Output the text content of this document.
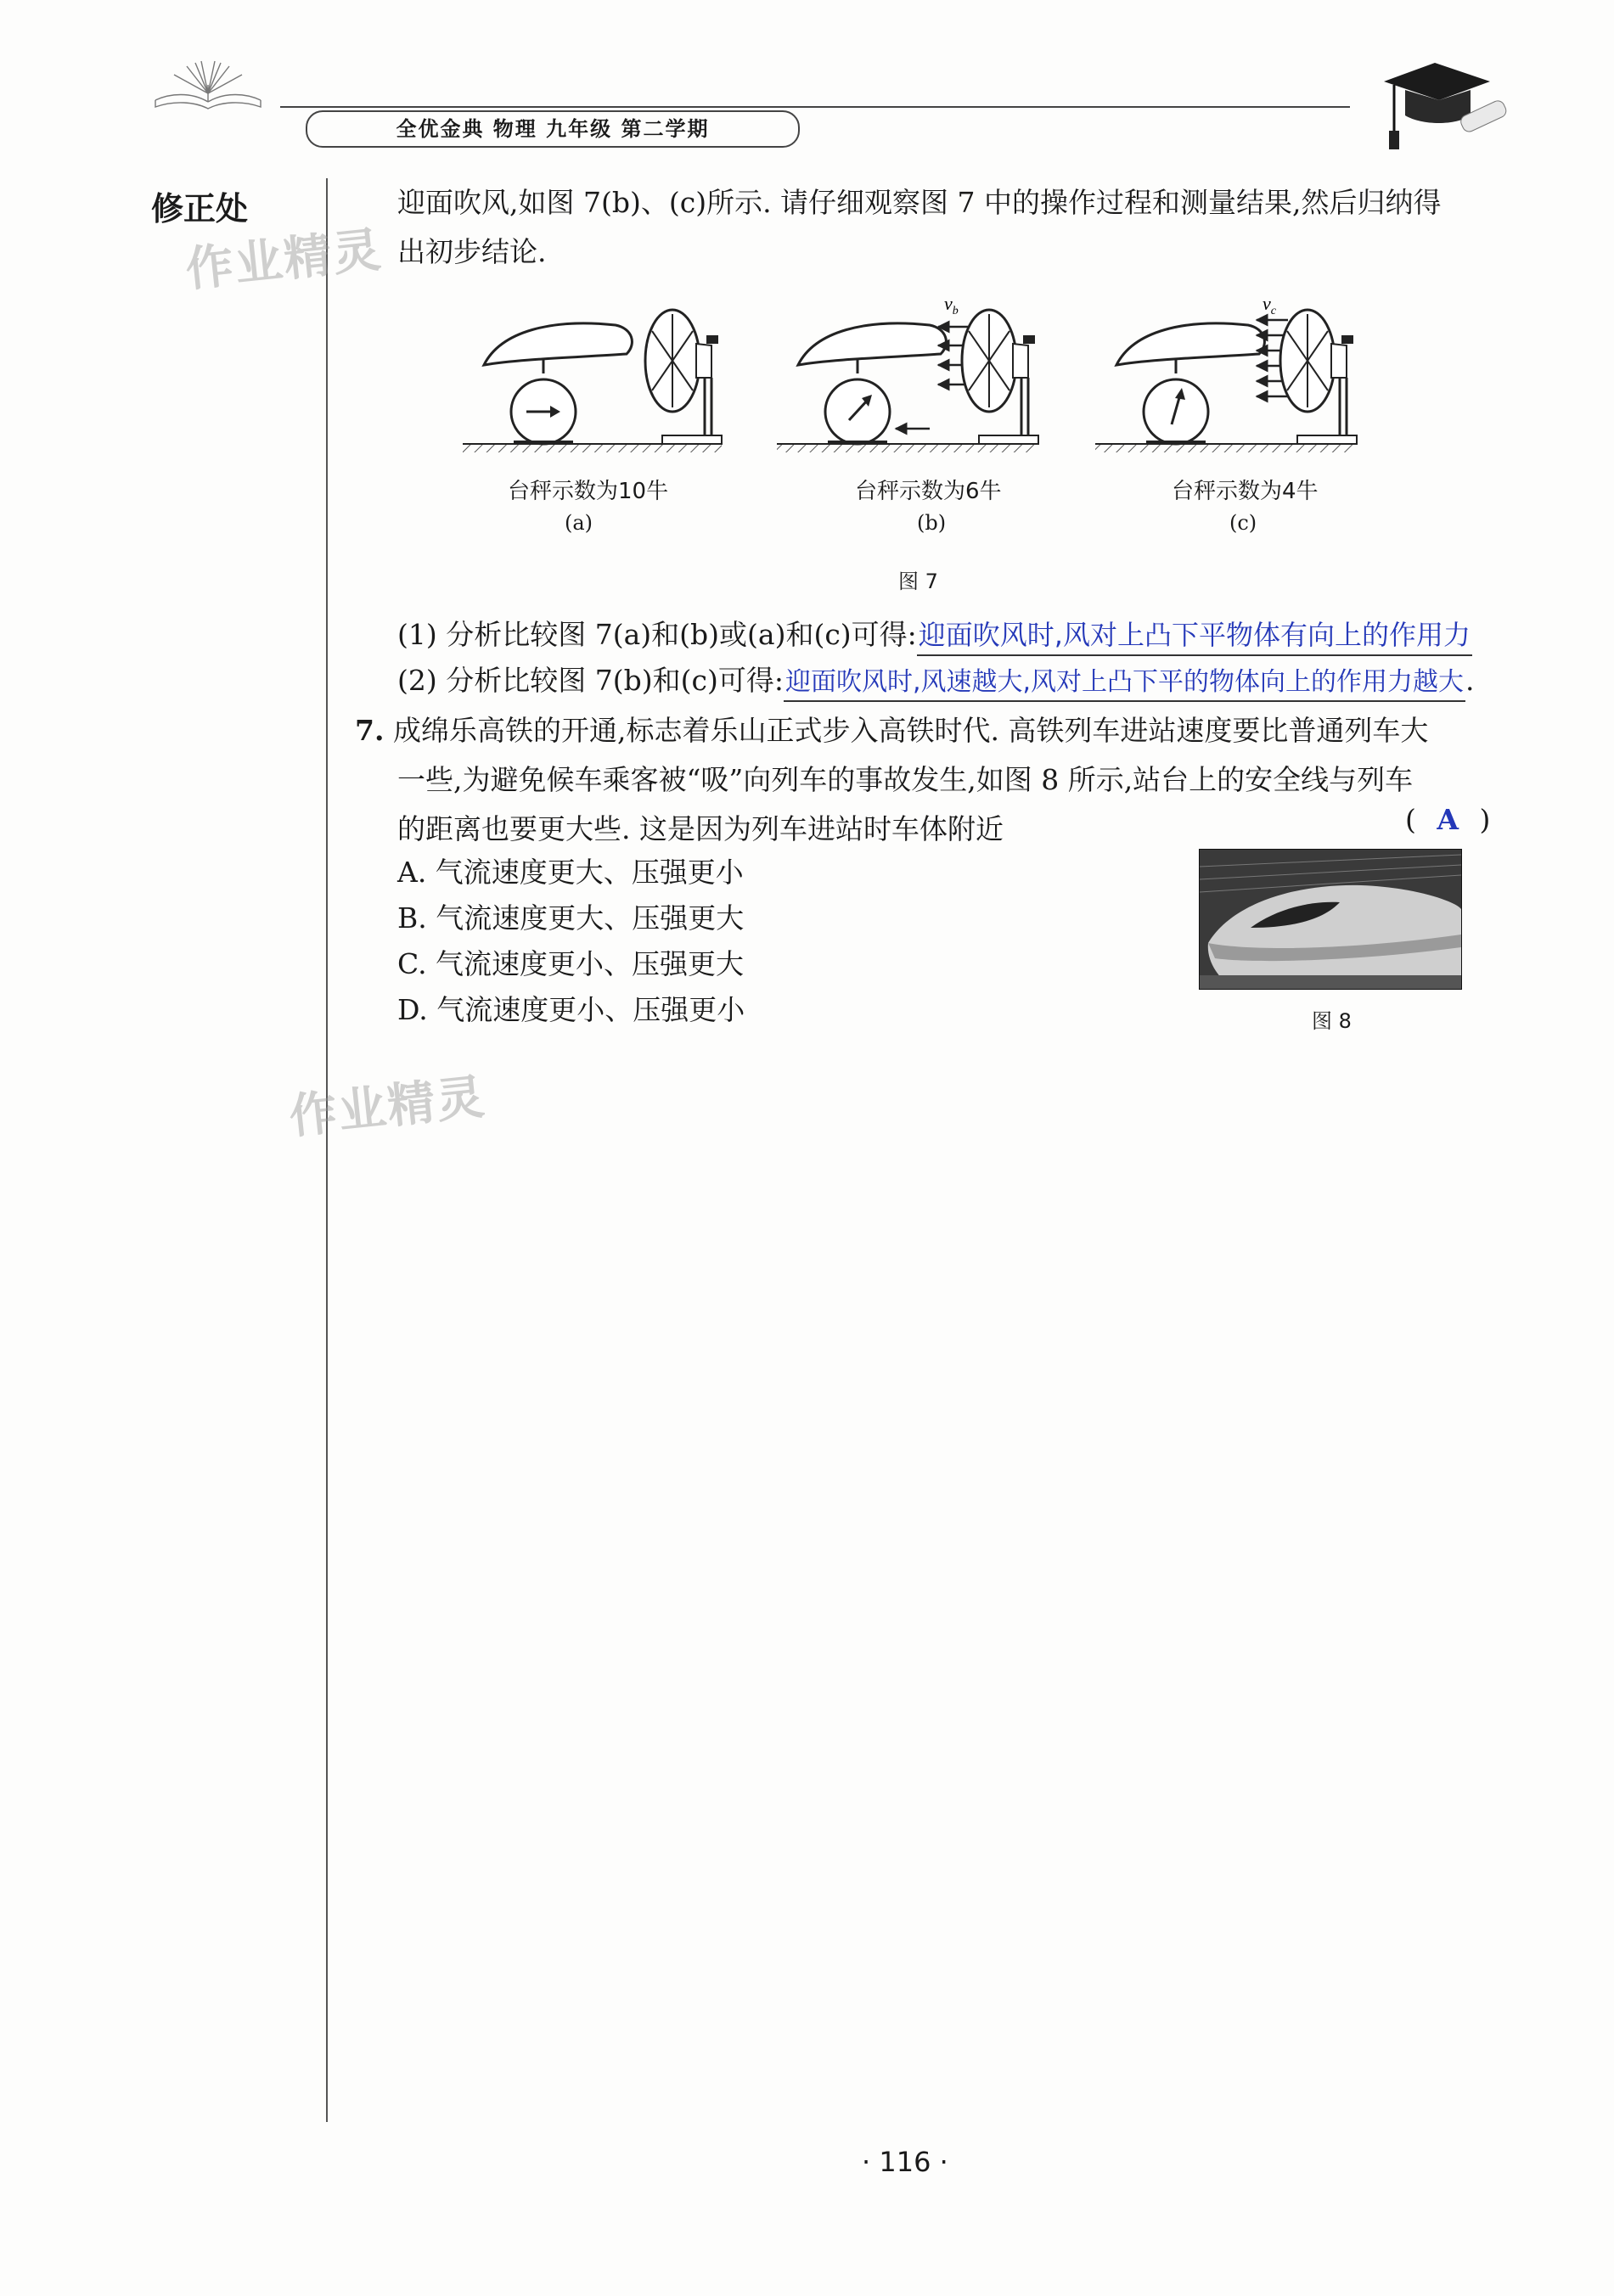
全优金典 物理 九年级 第二学期
修正处
作业精灵
作业精灵
迎面吹风,如图 7(b)、(c)所示. 请仔细观察图 7 中的操作过程和测量结果,然后归纳得
出初步结论.
$v_b$	$v_c$
台秤示数为10牛
(a)
台秤示数为6牛
(b)
台秤示数为4牛
(c)
图 7
(1) 分析比较图 7(a)和(b)或(a)和(c)可得:迎面吹风时,风对上凸下平物体有向上的作用力
(2) 分析比较图 7(b)和(c)可得:迎面吹风时,风速越大,风对上凸下平的物体向上的作用力越大.
7. 成绵乐高铁的开通,标志着乐山正式步入高铁时代. 高铁列车进站速度要比普通列车大
一些,为避免候车乘客被“吸”向列车的事故发生,如图 8 所示,站台上的安全线与列车
的距离也要更大些. 这是因为列车进站时车体附近	( A )
A. 气流速度更大、压强更小
B. 气流速度更大、压强更大
C. 气流速度更小、压强更大
D. 气流速度更小、压强更小	图 8
· 116 ·
